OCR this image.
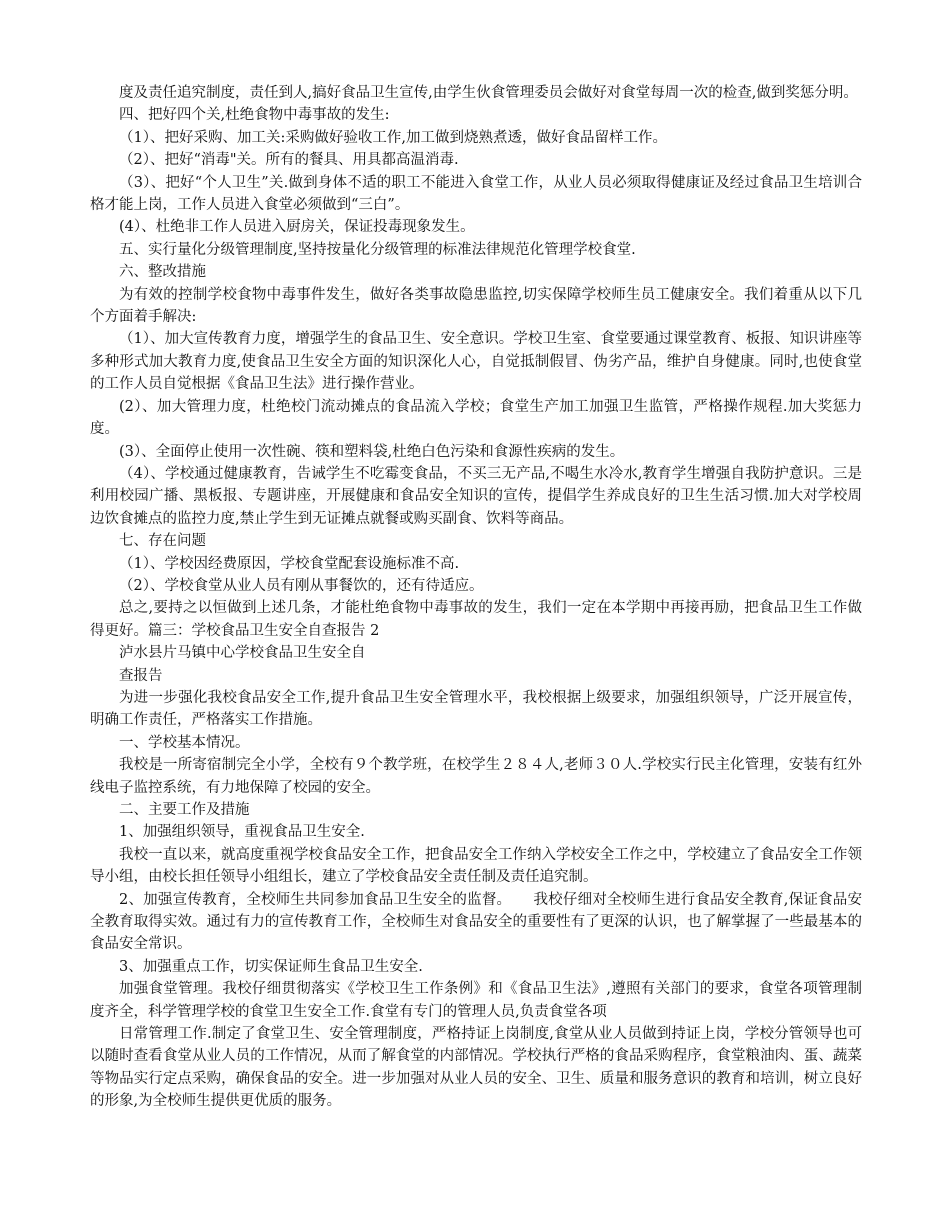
度及责任追究制度，责任到人,搞好食品卫生宣传,由学生伙食管理委员会做好对食堂每周一次的检查,做到奖惩分明。

四、把好四个关,杜绝食物中毒事故的发生:

（1）、把好采购、加工关:采购做好验收工作,加工做到烧熟煮透，做好食品留样工作。

（2）、把好“消毒"关。所有的餐具、用具都高温消毒.

（3）、把好“个人卫生”关.做到身体不适的职工不能进入食堂工作，从业人员必须取得健康证及经过食品卫生培训合格才能上岗，工作人员进入食堂必须做到“三白”。

(4）、杜绝非工作人员进入厨房关，保证投毒现象发生。

五、实行量化分级管理制度,坚持按量化分级管理的标准法律规范化管理学校食堂.

六、整改措施

为有效的控制学校食物中毒事件发生，做好各类事故隐患监控,切实保障学校师生员工健康安全。我们着重从以下几个方面着手解决:

（1）、加大宣传教育力度，增强学生的食品卫生、安全意识。学校卫生室、食堂要通过课堂教育、板报、知识讲座等多种形式加大教育力度,使食品卫生安全方面的知识深化人心，自觉抵制假冒、伪劣产品，维护自身健康。同时,也使食堂的工作人员自觉根据《食品卫生法》进行操作营业。

(2）、加大管理力度，杜绝校门流动摊点的食品流入学校；食堂生产加工加强卫生监管，严格操作规程.加大奖惩力度。

(3）、全面停止使用一次性碗、筷和塑料袋,杜绝白色污染和食源性疾病的发生。

（4）、学校通过健康教育，告诫学生不吃霉变食品，不买三无产品,不喝生水冷水,教育学生增强自我防护意识。三是利用校园广播、黑板报、专题讲座，开展健康和食品安全知识的宣传，提倡学生养成良好的卫生生活习惯.加大对学校周边饮食摊点的监控力度,禁止学生到无证摊点就餐或购买副食、饮料等商品。

七、存在问题

（1）、学校因经费原因，学校食堂配套设施标准不高.

（2）、学校食堂从业人员有刚从事餐饮的，还有待适应。

总之,要持之以恒做到上述几条，才能杜绝食物中毒事故的发生，我们一定在本学期中再接再励，把食品卫生工作做得更好。篇三：学校食品卫生安全自查报告 2

泸水县片马镇中心学校食品卫生安全自

查报告

为进一步强化我校食品安全工作,提升食品卫生安全管理水平，我校根据上级要求，加强组织领导，广泛开展宣传，明确工作责任，严格落实工作措施。

一、学校基本情况。

我校是一所寄宿制完全小学，全校有９个教学班，在校学生２８４人,老师３０人.学校实行民主化管理，安装有红外线电子监控系统，有力地保障了校园的安全。

二、主要工作及措施

1、加强组织领导，重视食品卫生安全.

我校一直以来，就高度重视学校食品安全工作，把食品安全工作纳入学校安全工作之中，学校建立了食品安全工作领导小组，由校长担任领导小组组长，建立了学校食品安全责任制及责任追究制。

2、加强宣传教育，全校师生共同参加食品卫生安全的监督。　　我校仔细对全校师生进行食品安全教育,保证食品安全教育取得实效。通过有力的宣传教育工作，全校师生对食品安全的重要性有了更深的认识，也了解掌握了一些最基本的食品安全常识。

3、加强重点工作，切实保证师生食品卫生安全.

加强食堂管理。我校仔细贯彻落实《学校卫生工作条例》和《食品卫生法》,遵照有关部门的要求，食堂各项管理制度齐全，科学管理学校的食堂卫生安全工作.食堂有专门的管理人员,负责食堂各项

日常管理工作.制定了食堂卫生、安全管理制度，严格持证上岗制度,食堂从业人员做到持证上岗，学校分管领导也可以随时查看食堂从业人员的工作情况，从而了解食堂的内部情况。学校执行严格的食品采购程序，食堂粮油肉、蛋、蔬菜等物品实行定点采购，确保食品的安全。进一步加强对从业人员的安全、卫生、质量和服务意识的教育和培训，树立良好的形象,为全校师生提供更优质的服务。
